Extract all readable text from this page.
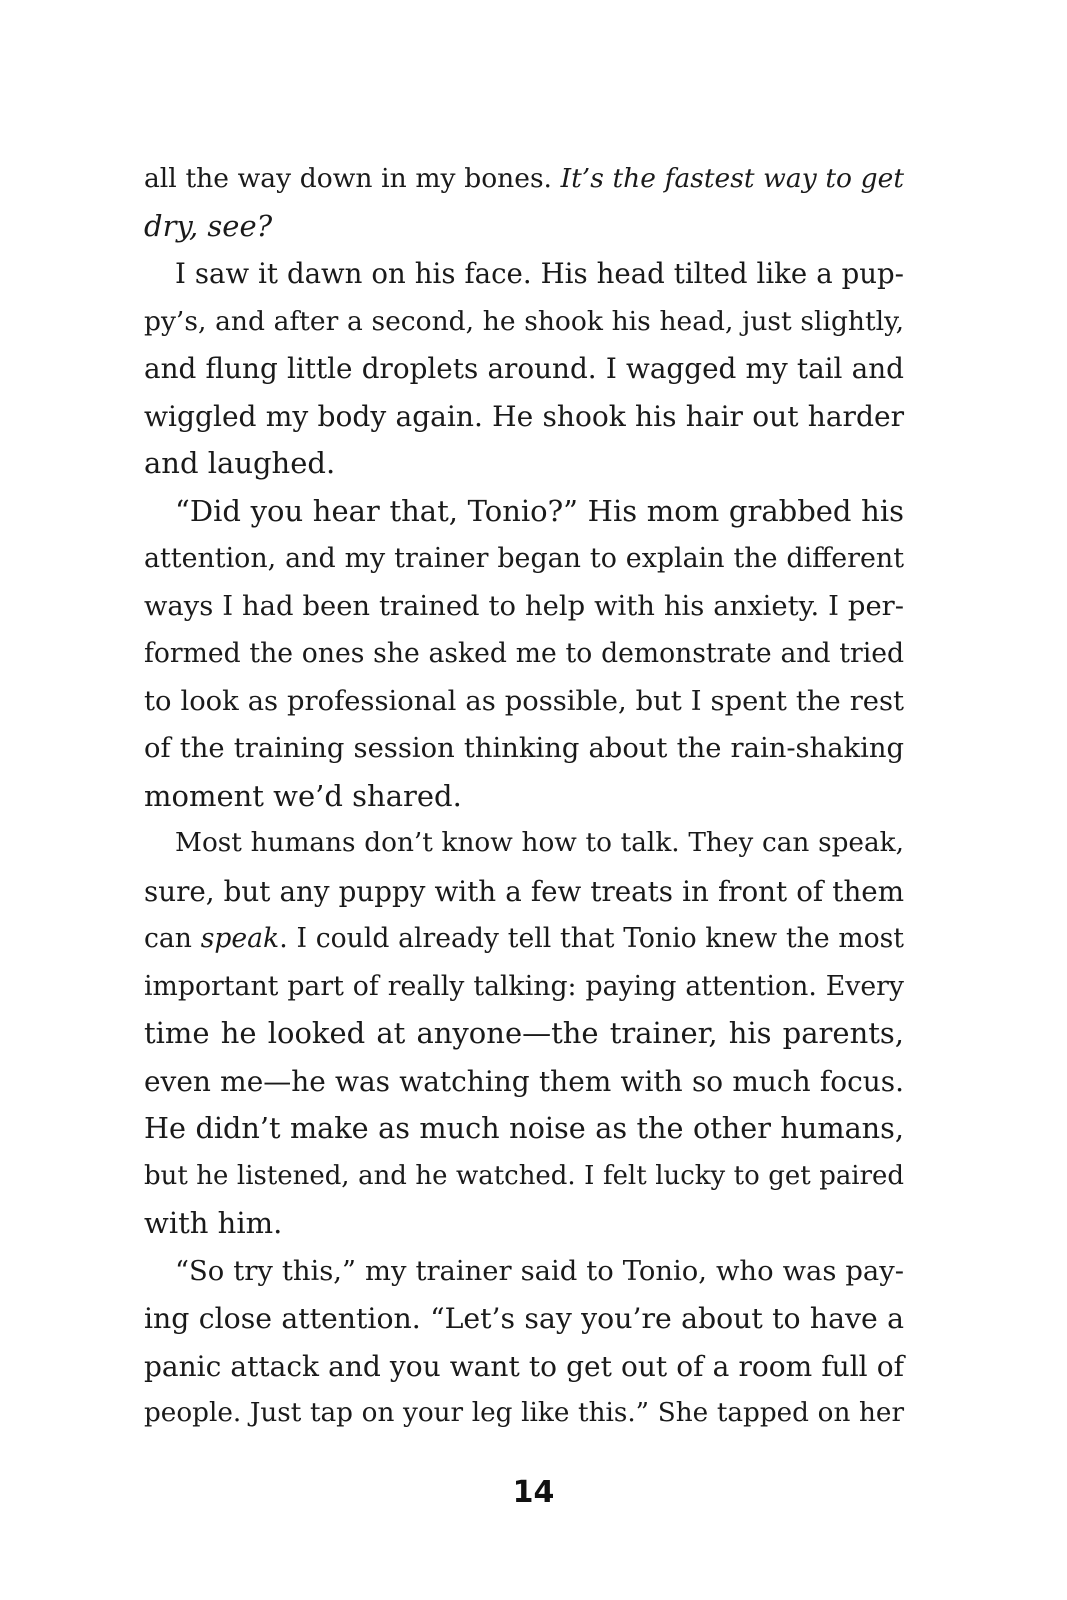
all the way down in my bones. It’s the fastest way to get
dry, see?
I saw it dawn on his face. His head tilted like a pup-
py’s, and after a second, he shook his head, just slightly,
and flung little droplets around. I wagged my tail and
wiggled my body again. He shook his hair out harder
and laughed.
“Did you hear that, Tonio?” His mom grabbed his
attention, and my trainer began to explain the different
ways I had been trained to help with his anxiety. I per-
formed the ones she asked me to demonstrate and tried
to look as professional as possible, but I spent the rest
of the training session thinking about the rain-shaking
moment we’d shared.
Most humans don’t know how to talk. They can speak,
sure, but any puppy with a few treats in front of them
can speak. I could already tell that Tonio knew the most
important part of really talking: paying attention. Every
time he looked at anyone—the trainer, his parents,
even me—he was watching them with so much focus.
He didn’t make as much noise as the other humans,
but he listened, and he watched. I felt lucky to get paired
with him.
“So try this,” my trainer said to Tonio, who was pay-
ing close attention. “Let’s say you’re about to have a
panic attack and you want to get out of a room full of
people. Just tap on your leg like this.” She tapped on her
14
